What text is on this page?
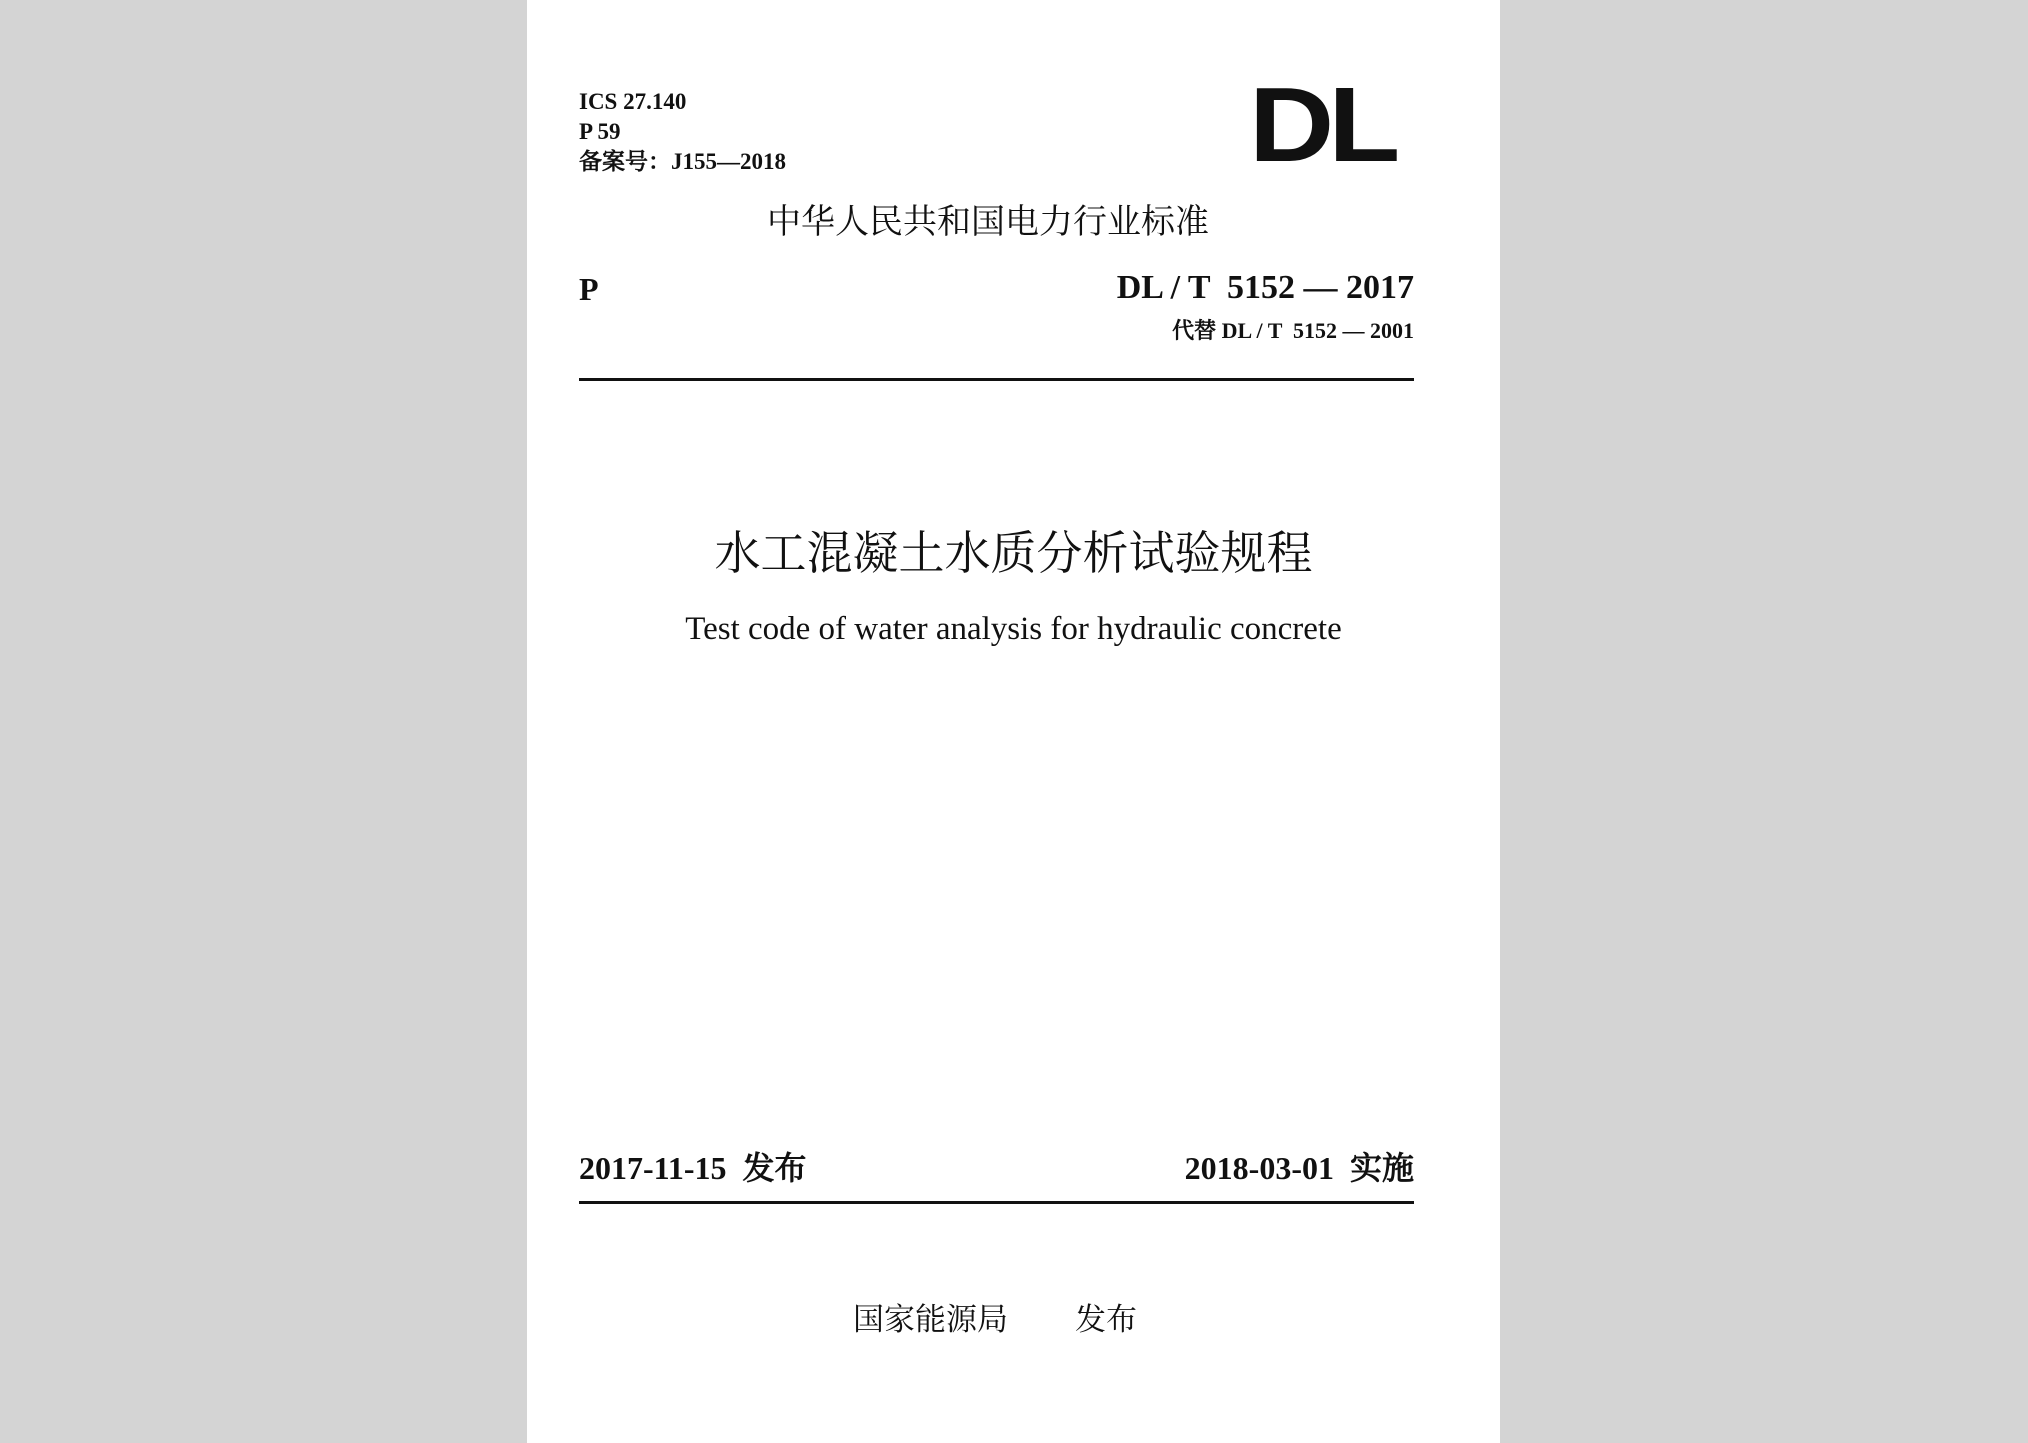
ICS 27.140
P 59
备案号：J155—2018	DL
中华人民共和国电力行业标准
P	DL / T  5152 — 2017
代替 DL / T  5152 — 2001
水工混凝土水质分析试验规程
Test code of water analysis for hydraulic concrete
2017-11-15  发布	2018-03-01  实施
国家能源局 发布
